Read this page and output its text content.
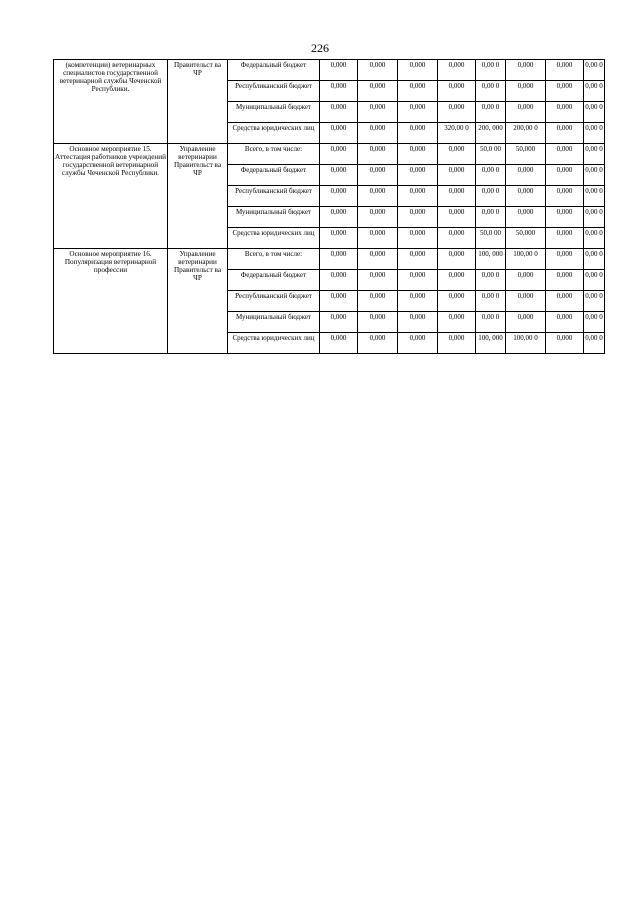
226
(компетенции) ветеринарных специалистов государственной ветеринарной службы Чеченской Республики.	Правительст ва ЧР	Федеральный бюджет	0,000	0,000	0,000	0,000	0,00 0	0,000	0,000	0,00 0
		Республиканский бюджет	0,000	0,000	0,000	0,000	0,00 0	0,000	0,000	0,00 0
		Муниципальный бюджет	0,000	0,000	0,000	0,000	0,00 0	0,000	0,000	0,00 0
		Средства юридических лиц	0,000	0,000	0,000	320,00 0	200, 000	200,00 0	0,000	0,00 0
Основное мероприятие 15. Аттестация работников учреждений государственной ветеринарной службы Чеченской Республики.	Управление ветеринарии Правительст ва ЧР	Всего, в том числе:	0,000	0,000	0,000	0,000	50,0 00	50,000	0,000	0,00 0
		Федеральный бюджет	0,000	0,000	0,000	0,000	0,00 0	0,000	0,000	0,00 0
		Республиканский бюджет	0,000	0,000	0,000	0,000	0,00 0	0,000	0,000	0,00 0
		Муниципальный бюджет	0,000	0,000	0,000	0,000	0,00 0	0,000	0,000	0,00 0
		Средства юридических лиц	0,000	0,000	0,000	0,000	50,0 00	50,000	0,000	0,00 0
Основное мероприятие 16. Популяризация ветеринарной профессии	Управление ветеринарии Правительст ва ЧР	Всего, в том числе:	0,000	0,000	0,000	0,000	100, 000	100,00 0	0,000	0,00 0
		Федеральный бюджет	0,000	0,000	0,000	0,000	0,00 0	0,000	0,000	0,00 0
		Республиканский бюджет	0,000	0,000	0,000	0,000	0,00 0	0,000	0,000	0,00 0
		Муниципальный бюджет	0,000	0,000	0,000	0,000	0,00 0	0,000	0,000	0,00 0
		Средства юридических лиц	0,000	0,000	0,000	0,000	100, 000	100,00 0	0,000	0,00 0
